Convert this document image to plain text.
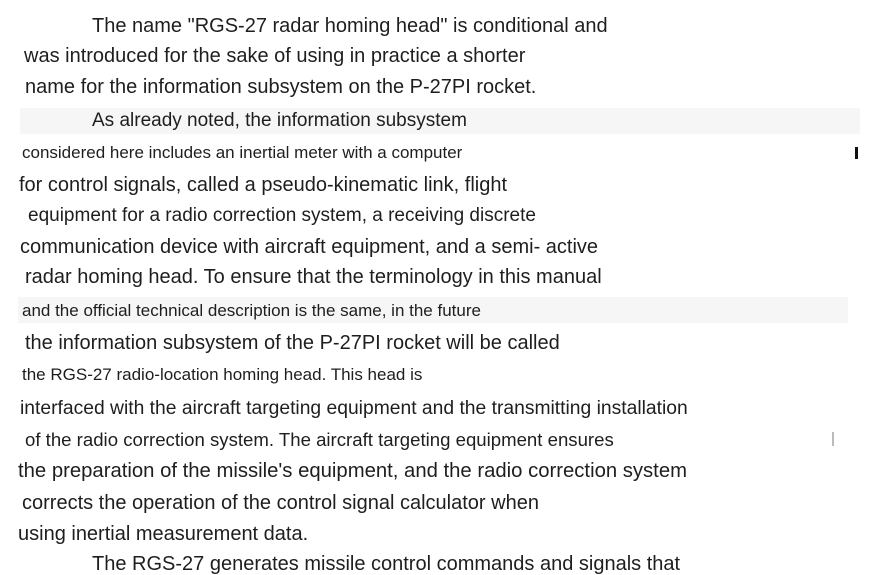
The name "RGS-27 radar homing head" is conditional and
was introduced for the sake of using in practice a shorter
name for the information subsystem on the P-27PI rocket.
As already noted, the information subsystem
considered here includes an inertial meter with a computer
for control signals, called a pseudo-kinematic link, flight
equipment for a radio correction system, a receiving discrete
communication device with aircraft equipment, and a semi- active
radar homing head. To ensure that the terminology in this manual
and the official technical description is the same, in the future
the information subsystem of the P-27PI rocket will be called
the RGS-27 radio-location homing head. This head is
interfaced with the aircraft targeting equipment and the transmitting installation
of the radio correction system. The aircraft targeting equipment ensures
the preparation of the missile's equipment, and the radio correction system
corrects the operation of the control signal calculator when
using inertial measurement data.
The RGS-27 generates missile control commands and signals that
